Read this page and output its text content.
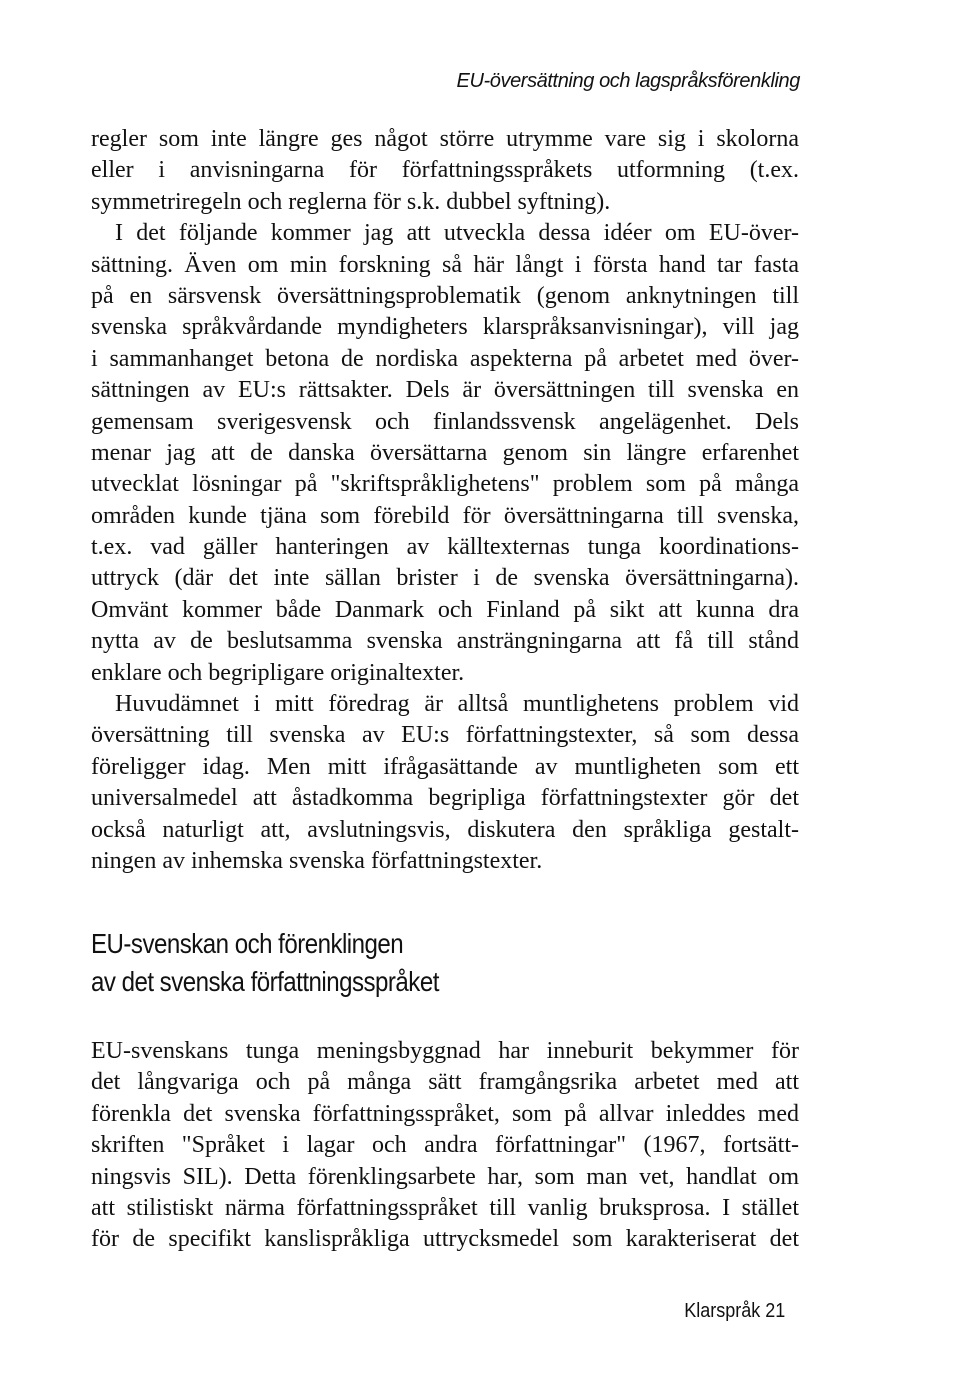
EU-översättning och lagspråksförenkling
regler som inte längre ges något större utrymme vare sig i skolorna
eller i anvisningarna för författningsspråkets utformning (t.ex.
symmetriregeln och reglerna för s.k. dubbel syftning).
I det följande kommer jag att utveckla dessa idéer om EU-över-
sättning. Även om min forskning så här långt i första hand tar fasta
på en särsvensk översättningsproblematik (genom anknytningen till
svenska språkvårdande myndigheters klarspråksanvisningar), vill jag
i sammanhanget betona de nordiska aspekterna på arbetet med över-
sättningen av EU:s rättsakter. Dels är översättningen till svenska en
gemensam sverigesvensk och finlandssvensk angelägenhet. Dels
menar jag att de danska översättarna genom sin längre erfarenhet
utvecklat lösningar på "skriftspråklighetens" problem som på många
områden kunde tjäna som förebild för översättningarna till svenska,
t.ex. vad gäller hanteringen av källtexternas tunga koordinations-
uttryck (där det inte sällan brister i de svenska översättningarna).
Omvänt kommer både Danmark och Finland på sikt att kunna dra
nytta av de beslutsamma svenska ansträngningarna att få till stånd
enklare och begripligare originaltexter.
Huvudämnet i mitt föredrag är alltså muntlighetens problem vid
översättning till svenska av EU:s författningstexter, så som dessa
föreligger idag. Men mitt ifrågasättande av muntligheten som ett
universalmedel att åstadkomma begripliga författningstexter gör det
också naturligt att, avslutningsvis, diskutera den språkliga gestalt-
ningen av inhemska svenska författningstexter.
EU-svenskan och förenklingen
av det svenska författningsspråket
EU-svenskans tunga meningsbyggnad har inneburit bekymmer för
det långvariga och på många sätt framgångsrika arbetet med att
förenkla det svenska författningsspråket, som på allvar inleddes med
skriften "Språket i lagar och andra författningar" (1967, fortsätt-
ningsvis SIL). Detta förenklingsarbete har, som man vet, handlat om
att stilistiskt närma författningsspråket till vanlig bruksprosa. I stället
för de specifikt kanslispråkliga uttrycksmedel som karakteriserat det
Klarspråk 21
